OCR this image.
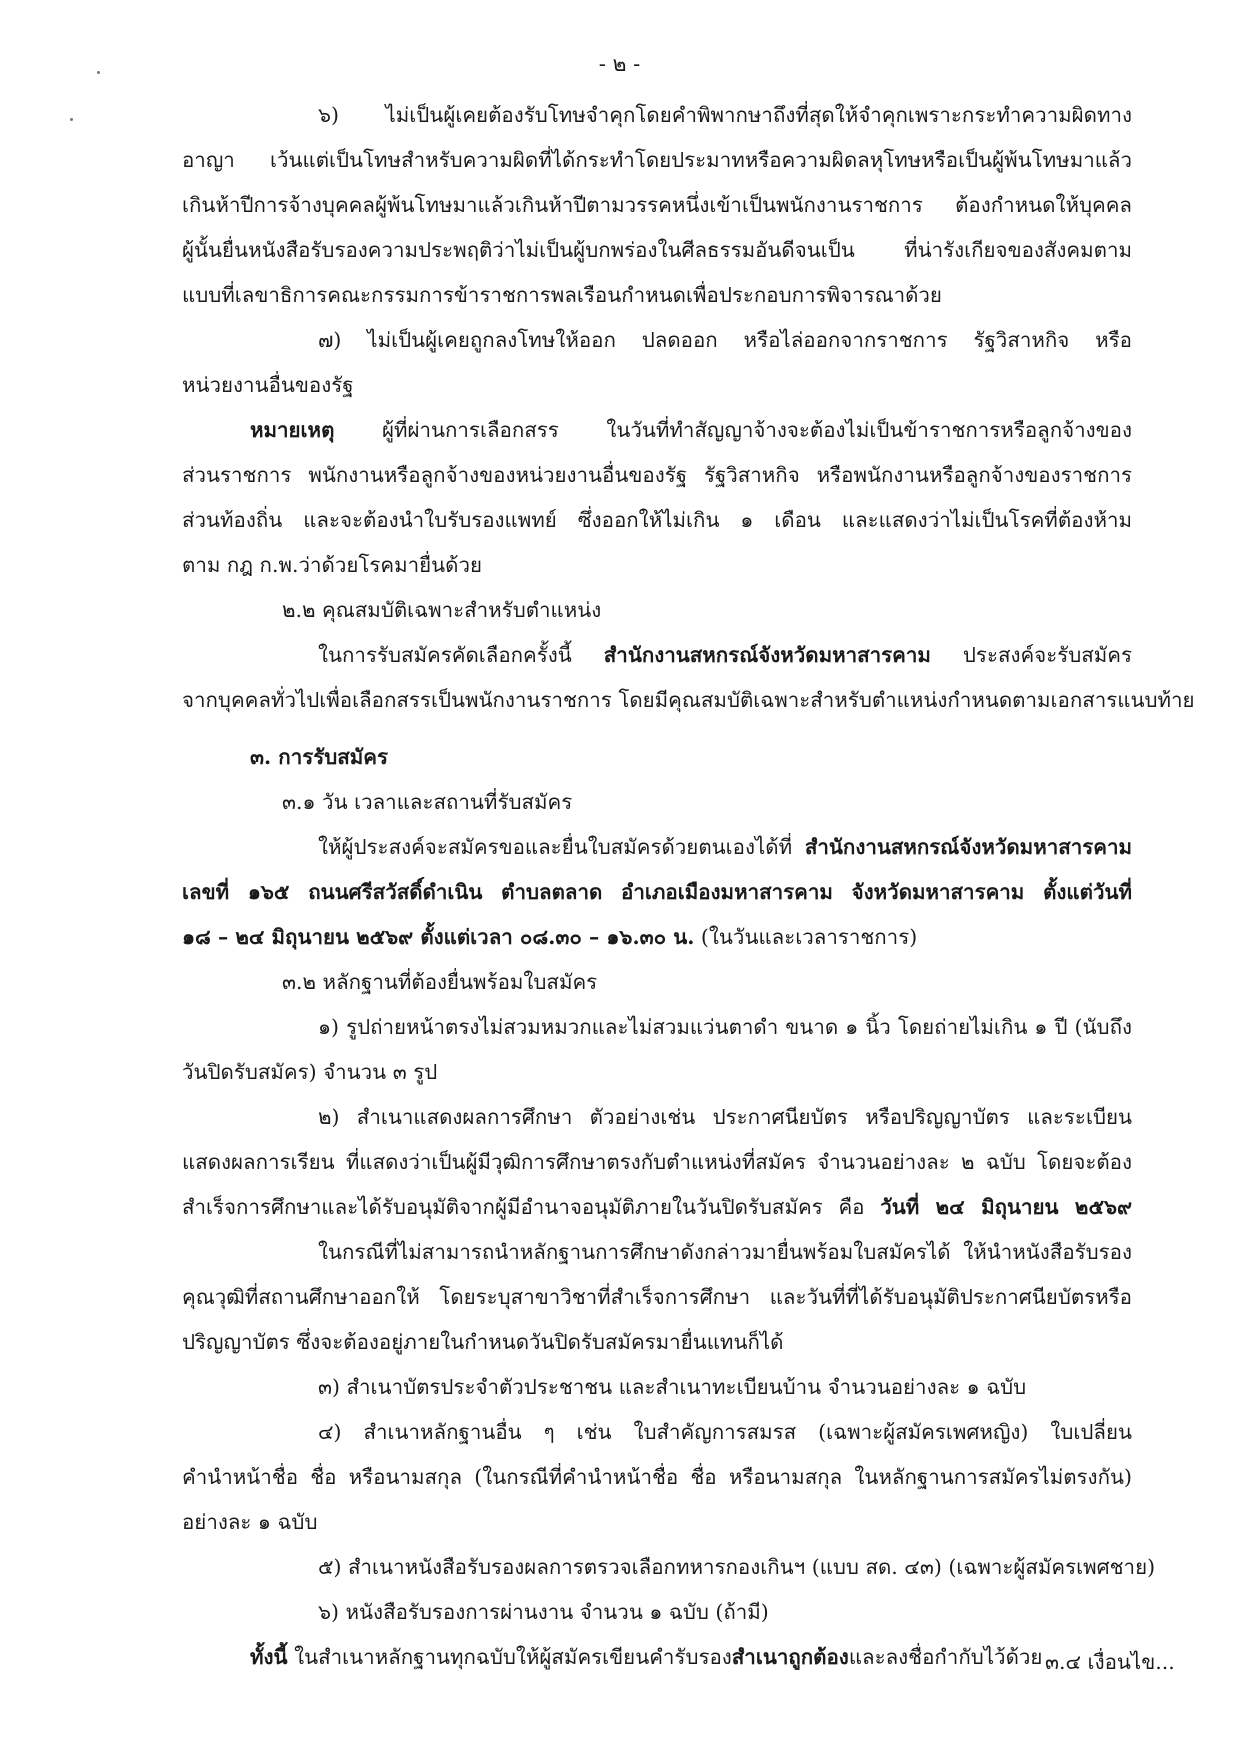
- ๒ -
๖) ไม่เป็นผู้เคยต้องรับโทษจำคุกโดยคำพิพากษาถึงที่สุดให้จำคุกเพราะกระทำความผิดทาง
อาญา เว้นแต่เป็นโทษสำหรับความผิดที่ได้กระทำโดยประมาทหรือความผิดลหุโทษหรือเป็นผู้พ้นโทษมาแล้ว
เกินห้าปีการจ้างบุคคลผู้พ้นโทษมาแล้วเกินห้าปีตามวรรคหนึ่งเข้าเป็นพนักงานราชการ ต้องกำหนดให้บุคคล
ผู้นั้นยื่นหนังสือรับรองความประพฤติว่าไม่เป็นผู้บกพร่องในศีลธรรมอันดีจนเป็น ที่น่ารังเกียจของสังคมตาม
แบบที่เลขาธิการคณะกรรมการข้าราชการพลเรือนกำหนดเพื่อประกอบการพิจารณาด้วย
๗) ไม่เป็นผู้เคยถูกลงโทษให้ออก ปลดออก หรือไล่ออกจากราชการ รัฐวิสาหกิจ หรือ
หน่วยงานอื่นของรัฐ
หมายเหตุ ผู้ที่ผ่านการเลือกสรร ในวันที่ทำสัญญาจ้างจะต้องไม่เป็นข้าราชการหรือลูกจ้างของ
ส่วนราชการ พนักงานหรือลูกจ้างของหน่วยงานอื่นของรัฐ รัฐวิสาหกิจ หรือพนักงานหรือลูกจ้างของราชการ
ส่วนท้องถิ่น และจะต้องนำใบรับรองแพทย์ ซึ่งออกให้ไม่เกิน ๑ เดือน และแสดงว่าไม่เป็นโรคที่ต้องห้าม
ตาม กฎ ก.พ.ว่าด้วยโรคมายื่นด้วย
๒.๒ คุณสมบัติเฉพาะสำหรับตำแหน่ง
ในการรับสมัครคัดเลือกครั้งนี้ สำนักงานสหกรณ์จังหวัดมหาสารคาม ประสงค์จะรับสมัคร
จากบุคคลทั่วไปเพื่อเลือกสรรเป็นพนักงานราชการ โดยมีคุณสมบัติเฉพาะสำหรับตำแหน่งกำหนดตามเอกสารแนบท้าย
๓. การรับสมัคร
๓.๑ วัน เวลาและสถานที่รับสมัคร
ให้ผู้ประสงค์จะสมัครขอและยื่นใบสมัครด้วยตนเองได้ที่ สำนักงานสหกรณ์จังหวัดมหาสารคาม
เลขที่ ๑๖๕ ถนนศรีสวัสดิ์ดำเนิน ตำบลตลาด อำเภอเมืองมหาสารคาม จังหวัดมหาสารคาม ตั้งแต่วันที่
๑๘ – ๒๔ มิถุนายน ๒๕๖๙ ตั้งแต่เวลา ๐๘.๓๐ – ๑๖.๓๐ น. (ในวันและเวลาราชการ)
๓.๒ หลักฐานที่ต้องยื่นพร้อมใบสมัคร
๑) รูปถ่ายหน้าตรงไม่สวมหมวกและไม่สวมแว่นตาดำ ขนาด ๑ นิ้ว โดยถ่ายไม่เกิน ๑ ปี (นับถึง
วันปิดรับสมัคร) จำนวน ๓ รูป
๒) สำเนาแสดงผลการศึกษา ตัวอย่างเช่น ประกาศนียบัตร หรือปริญญาบัตร และระเบียน
แสดงผลการเรียน ที่แสดงว่าเป็นผู้มีวุฒิการศึกษาตรงกับตำแหน่งที่สมัคร จำนวนอย่างละ ๒ ฉบับ โดยจะต้อง
สำเร็จการศึกษาและได้รับอนุมัติจากผู้มีอำนาจอนุมัติภายในวันปิดรับสมัคร คือ วันที่ ๒๔ มิถุนายน ๒๕๖๙
ในกรณีที่ไม่สามารถนำหลักฐานการศึกษาดังกล่าวมายื่นพร้อมใบสมัครได้ ให้นำหนังสือรับรอง
คุณวุฒิที่สถานศึกษาออกให้ โดยระบุสาขาวิชาที่สำเร็จการศึกษา และวันที่ที่ได้รับอนุมัติประกาศนียบัตรหรือ
ปริญญาบัตร ซึ่งจะต้องอยู่ภายในกำหนดวันปิดรับสมัครมายื่นแทนก็ได้
๓) สำเนาบัตรประจำตัวประชาชน และสำเนาทะเบียนบ้าน จำนวนอย่างละ ๑ ฉบับ
๔) สำเนาหลักฐานอื่น ๆ เช่น ใบสำคัญการสมรส (เฉพาะผู้สมัครเพศหญิง) ใบเปลี่ยน
คำนำหน้าชื่อ ชื่อ หรือนามสกุล (ในกรณีที่คำนำหน้าชื่อ ชื่อ หรือนามสกุล ในหลักฐานการสมัครไม่ตรงกัน)
อย่างละ ๑ ฉบับ
๕) สำเนาหนังสือรับรองผลการตรวจเลือกทหารกองเกินฯ (แบบ สด. ๔๓) (เฉพาะผู้สมัครเพศชาย)
๖) หนังสือรับรองการผ่านงาน จำนวน ๑ ฉบับ (ถ้ามี)
ทั้งนี้ ในสำเนาหลักฐานทุกฉบับให้ผู้สมัครเขียนคำรับรองสำเนาถูกต้องและลงชื่อกำกับไว้ด้วย ๓.๔ เงื่อนไข...
